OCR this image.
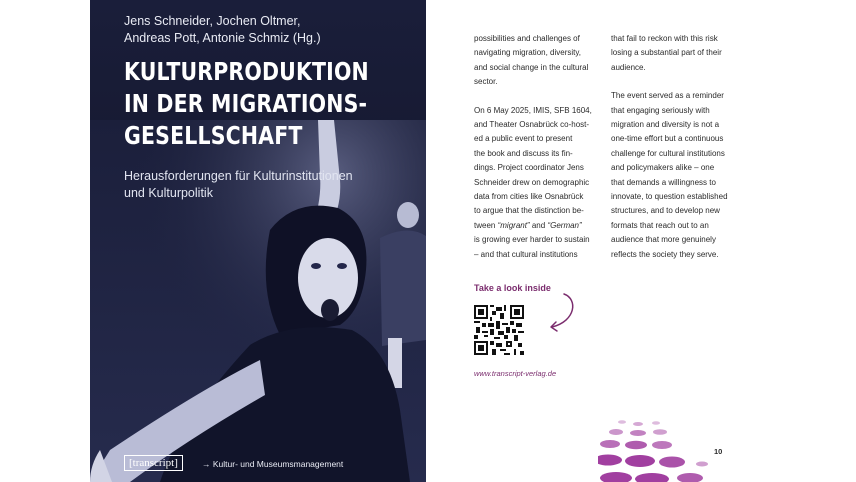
Jens Schneider, Jochen Oltmer,
Andreas Pott, Antonie Schmiz (Hg.)
KULTURPRODUKTION
IN DER MIGRATIONS-
GESELLSCHAFT
Herausforderungen für Kulturinstitutionen
und Kulturpolitik
[transcript]	→ Kultur- und Museumsmanagement

possibilities and challenges of
navigating migration, diversity,
and social change in the cultural
sector.

On 6 May 2025, IMIS, SFB 1604,
and Theater Osnabrück co-host-
ed a public event to present
the book and discuss its fin-
dings. Project coordinator Jens
Schneider drew on demographic
data from cities like Osnabrück
to argue that the distinction be-
tween “migrant” and “German”
is growing ever harder to sustain
– and that cultural institutions

that fail to reckon with this risk
losing a substantial part of their
audience.

The event served as a reminder
that engaging seriously with
migration and diversity is not a
one-time effort but a continuous
challenge for cultural institutions
and policymakers alike – one
that demands a willingness to
innovate, to question established
structures, and to develop new
formats that reach out to an
audience that more genuinely
reflects the society they serve.

Take a look inside
www.transcript-verlag.de
10
